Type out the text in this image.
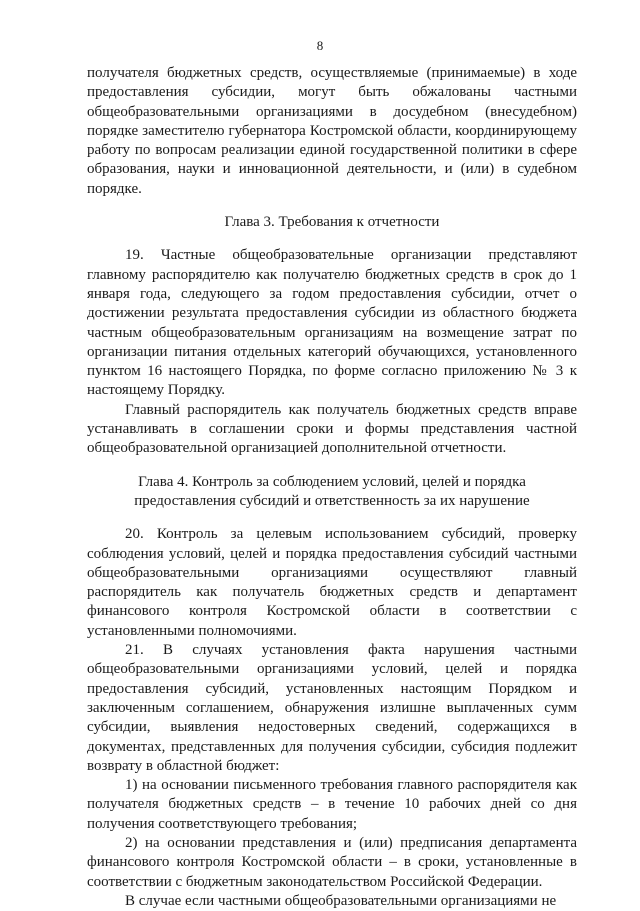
8

получателя бюджетных средств, осуществляемые (принимаемые) в ходе предоставления субсидии, могут быть обжалованы частными общеобразовательными организациями в досудебном (внесудебном) порядке заместителю губернатора Костромской области, координирующему работу по вопросам реализации единой государственной политики в сфере образования, науки и инновационной деятельности, и (или) в судебном порядке.

Глава 3. Требования к отчетности

19. Частные общеобразовательные организации представляют главному распорядителю как получателю бюджетных средств в срок до 1 января года, следующего за годом предоставления субсидии, отчет о достижении результата предоставления субсидии из областного бюджета частным общеобразовательным организациям на возмещение затрат по организации питания отдельных категорий обучающихся, установленного пунктом 16 настоящего Порядка, по форме согласно приложению № 3 к настоящему Порядку.

Главный распорядитель как получатель бюджетных средств вправе устанавливать в соглашении сроки и формы представления частной общеобразовательной организацией дополнительной отчетности.

Глава 4. Контроль за соблюдением условий, целей и порядка

предоставления субсидий и ответственность за их нарушение

20. Контроль за целевым использованием субсидий, проверку соблюдения условий, целей и порядка предоставления субсидий частными общеобразовательными организациями осуществляют главный распорядитель как получатель бюджетных средств и департамент финансового контроля Костромской области в соответствии с установленными полномочиями.

21. В случаях установления факта нарушения частными общеобразовательными организациями условий, целей и порядка предоставления субсидий, установленных настоящим Порядком и заключенным соглашением, обнаружения излишне выплаченных сумм субсидии, выявления недостоверных сведений, содержащихся в документах, представленных для получения субсидии, субсидия подлежит возврату в областной бюджет:

1) на основании письменного требования главного распорядителя как получателя бюджетных средств – в течение 10 рабочих дней со дня получения соответствующего требования;

2) на основании представления и (или) предписания департамента финансового контроля Костромской области – в сроки, установленные в соответствии с бюджетным законодательством Российской Федерации.

В случае если частными общеобразовательными организациями не
